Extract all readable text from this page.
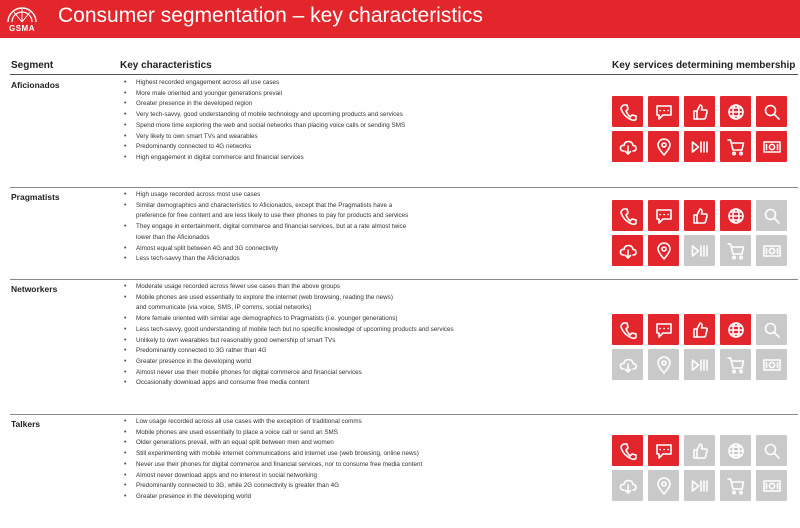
GSMA
Consumer segmentation – key characteristics
Segment	Key characteristics	Key services determining membership
Aficionados	• Highest recorded engagement across all use cases
• More male oriented and younger generations prevail
• Greater presence in the developed region
• Very tech-savvy, good understanding of mobile technology and upcoming products and services
• Spend more time exploring the web and social networks than placing voice calls or sending SMS
• Very likely to own smart TVs and wearables
• Predominantly connected to 4G networks
• High engagement in digital commerce and financial services
Pragmatists	• High usage recorded across most use cases
• Similar demographics and characteristics to Aficionados, except that the Pragmatists have a
preference for free content and are less likely to use their phones to pay for products and services
• They engage in entertainment, digital commerce and financial services, but at a rate almost twice
lower than the Aficionados
• Almost equal split between 4G and 3G connectivity
• Less tech-savvy than the Aficionados
Networkers	• Moderate usage recorded across fewer use cases than the above groups
• Mobile phones are used essentially to explore the internet (web browsing, reading the news)
and communicate (via voice, SMS, IP comms, social networks)
• More female oriented with similar age demographics to Pragmatists (i.e. younger generations)
• Less tech-savvy, good understanding of mobile tech but no specific knowledge of upcoming products and services
• Unlikely to own wearables but reasonably good ownership of smart TVs
• Predominantly connected to 3G rather than 4G
• Greater presence in the developing world
• Almost never use their mobile phones for digital commerce and financial services
• Occasionally download apps and consume free media content
Talkers	• Low usage recorded across all use cases with the exception of traditional comms
• Mobile phones are used essentially to place a voice call or send an SMS
• Older generations prevail, with an equal split between men and women
• Still experimenting with mobile internet communications and internet use (web browsing, online news)
• Never use their phones for digital commerce and financial services, nor to consume free media content
• Almost never download apps and no interest in social networking
• Predominantly connected to 3G, while 2G connectivity is greater than 4G
• Greater presence in the developing world
